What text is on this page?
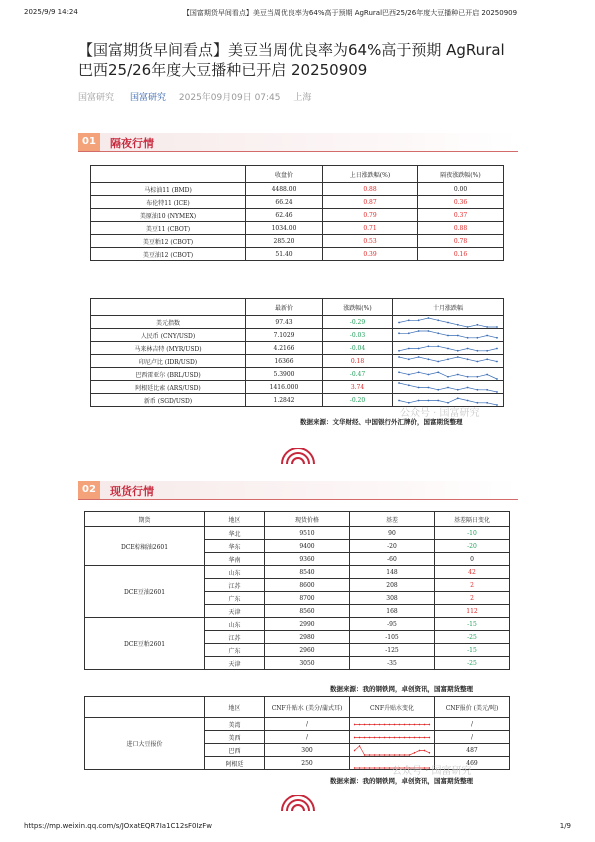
2025/9/9 14:24	【国富期货早间看点】美豆当周优良率为64%高于预期 AgRural巴西25/26年度大豆播种已开启 20250909
【国富期货早间看点】美豆当周优良率为64%高于预期 AgRural巴西25/26年度大豆播种已开启 20250909
国富研究 国富研究 2025年09月09日 07:45 上海
01	隔夜行情
	收盘价	上日涨跌幅(%)	隔夜涨跌幅(%)
马棕油11 (BMD)	4488.00	0.88	0.00
布伦特11 (ICE)	66.24	0.87	0.36
美原油10 (NYMEX)	62.46	0.79	0.37
美豆11 (CBOT)	1034.00	0.71	0.88
美豆粕12 (CBOT)	285.20	0.53	0.78
美豆油12 (CBOT)	51.40	0.39	0.16
	最新价	涨跌幅(%)	十月涨跌幅
美元指数	97.43	-0.29	

人民币 (CNY/USD)	7.1029	-0.03	

马来林吉特 (MYR/USD)	4.2166	-0.04	

印尼卢比 (IDR/USD)	16366	0.18	

巴西雷亚尔 (BRL/USD)	5.3900	-0.47	

阿根廷比索 (ARS/USD)	1416.000	3.74	

新币 (SGD/USD)	1.2842	-0.20	
公众号 · 国富研究
数据来源：文华财经、中国银行外汇牌价，国富期货整理
02	现货行情
期货	地区	现货价格	基差	基差隔日变化
DCE棕榈油2601	华北	9510	90	-10
	华东	9400	-20	-20
	华南	9360	-60	0
DCE豆油2601	山东	8540	148	42
	江苏	8600	208	2
	广东	8700	308	2
	天津	8560	168	112
DCE豆粕2601	山东	2990	-95	-15
	江苏	2980	-105	-25
	广东	2960	-125	-15
	天津	3050	-35	-25
数据来源：我的钢铁网，卓创资讯，国富期货整理
	地区	CNF升贴水 (美分/蒲式耳)	CNF升贴水变化	CNF报价 (美元/吨)
进口大豆报价	美湾	/		/
	美西	/		/
	巴西	300		487
	阿根廷	250		469
公众号 · 国富研究
数据来源：我的钢铁网，卓创资讯，国富期货整理
https://mp.weixin.qq.com/s/JOxatEQR7Ia1C12sF0IzFw	1/9
